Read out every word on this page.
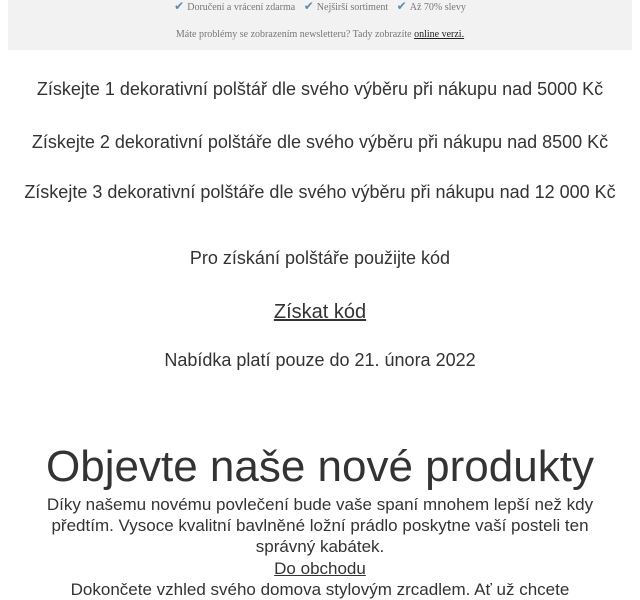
✔ Doručení a vrácení zdarma ✔ Nejširší sortiment ✔ Až 70% slevy
Máte problémy se zobrazením newsletteru? Tady zobrazíte online verzi.

Získejte 1 dekorativní polštář dle svého výběru při nákupu nad 5000 Kč

Získejte 2 dekorativní polštáře dle svého výběru při nákupu nad 8500 Kč

Získejte 3 dekorativní polštáře dle svého výběru při nákupu nad 12 000 Kč

Pro získání polštáře použijte kód

Získat kód

Nabídka platí pouze do 21. února 2022

Objevte naše nové produkty
Díky našemu novému povlečení bude vaše spaní mnohem lepší než kdy předtím. Vysoce kvalitní bavlněné ložní prádlo poskytne vaší posteli ten správný kabátek.
Do obchodu
Dokončete vzhled svého domova stylovým zrcadlem. Ať už chcete
